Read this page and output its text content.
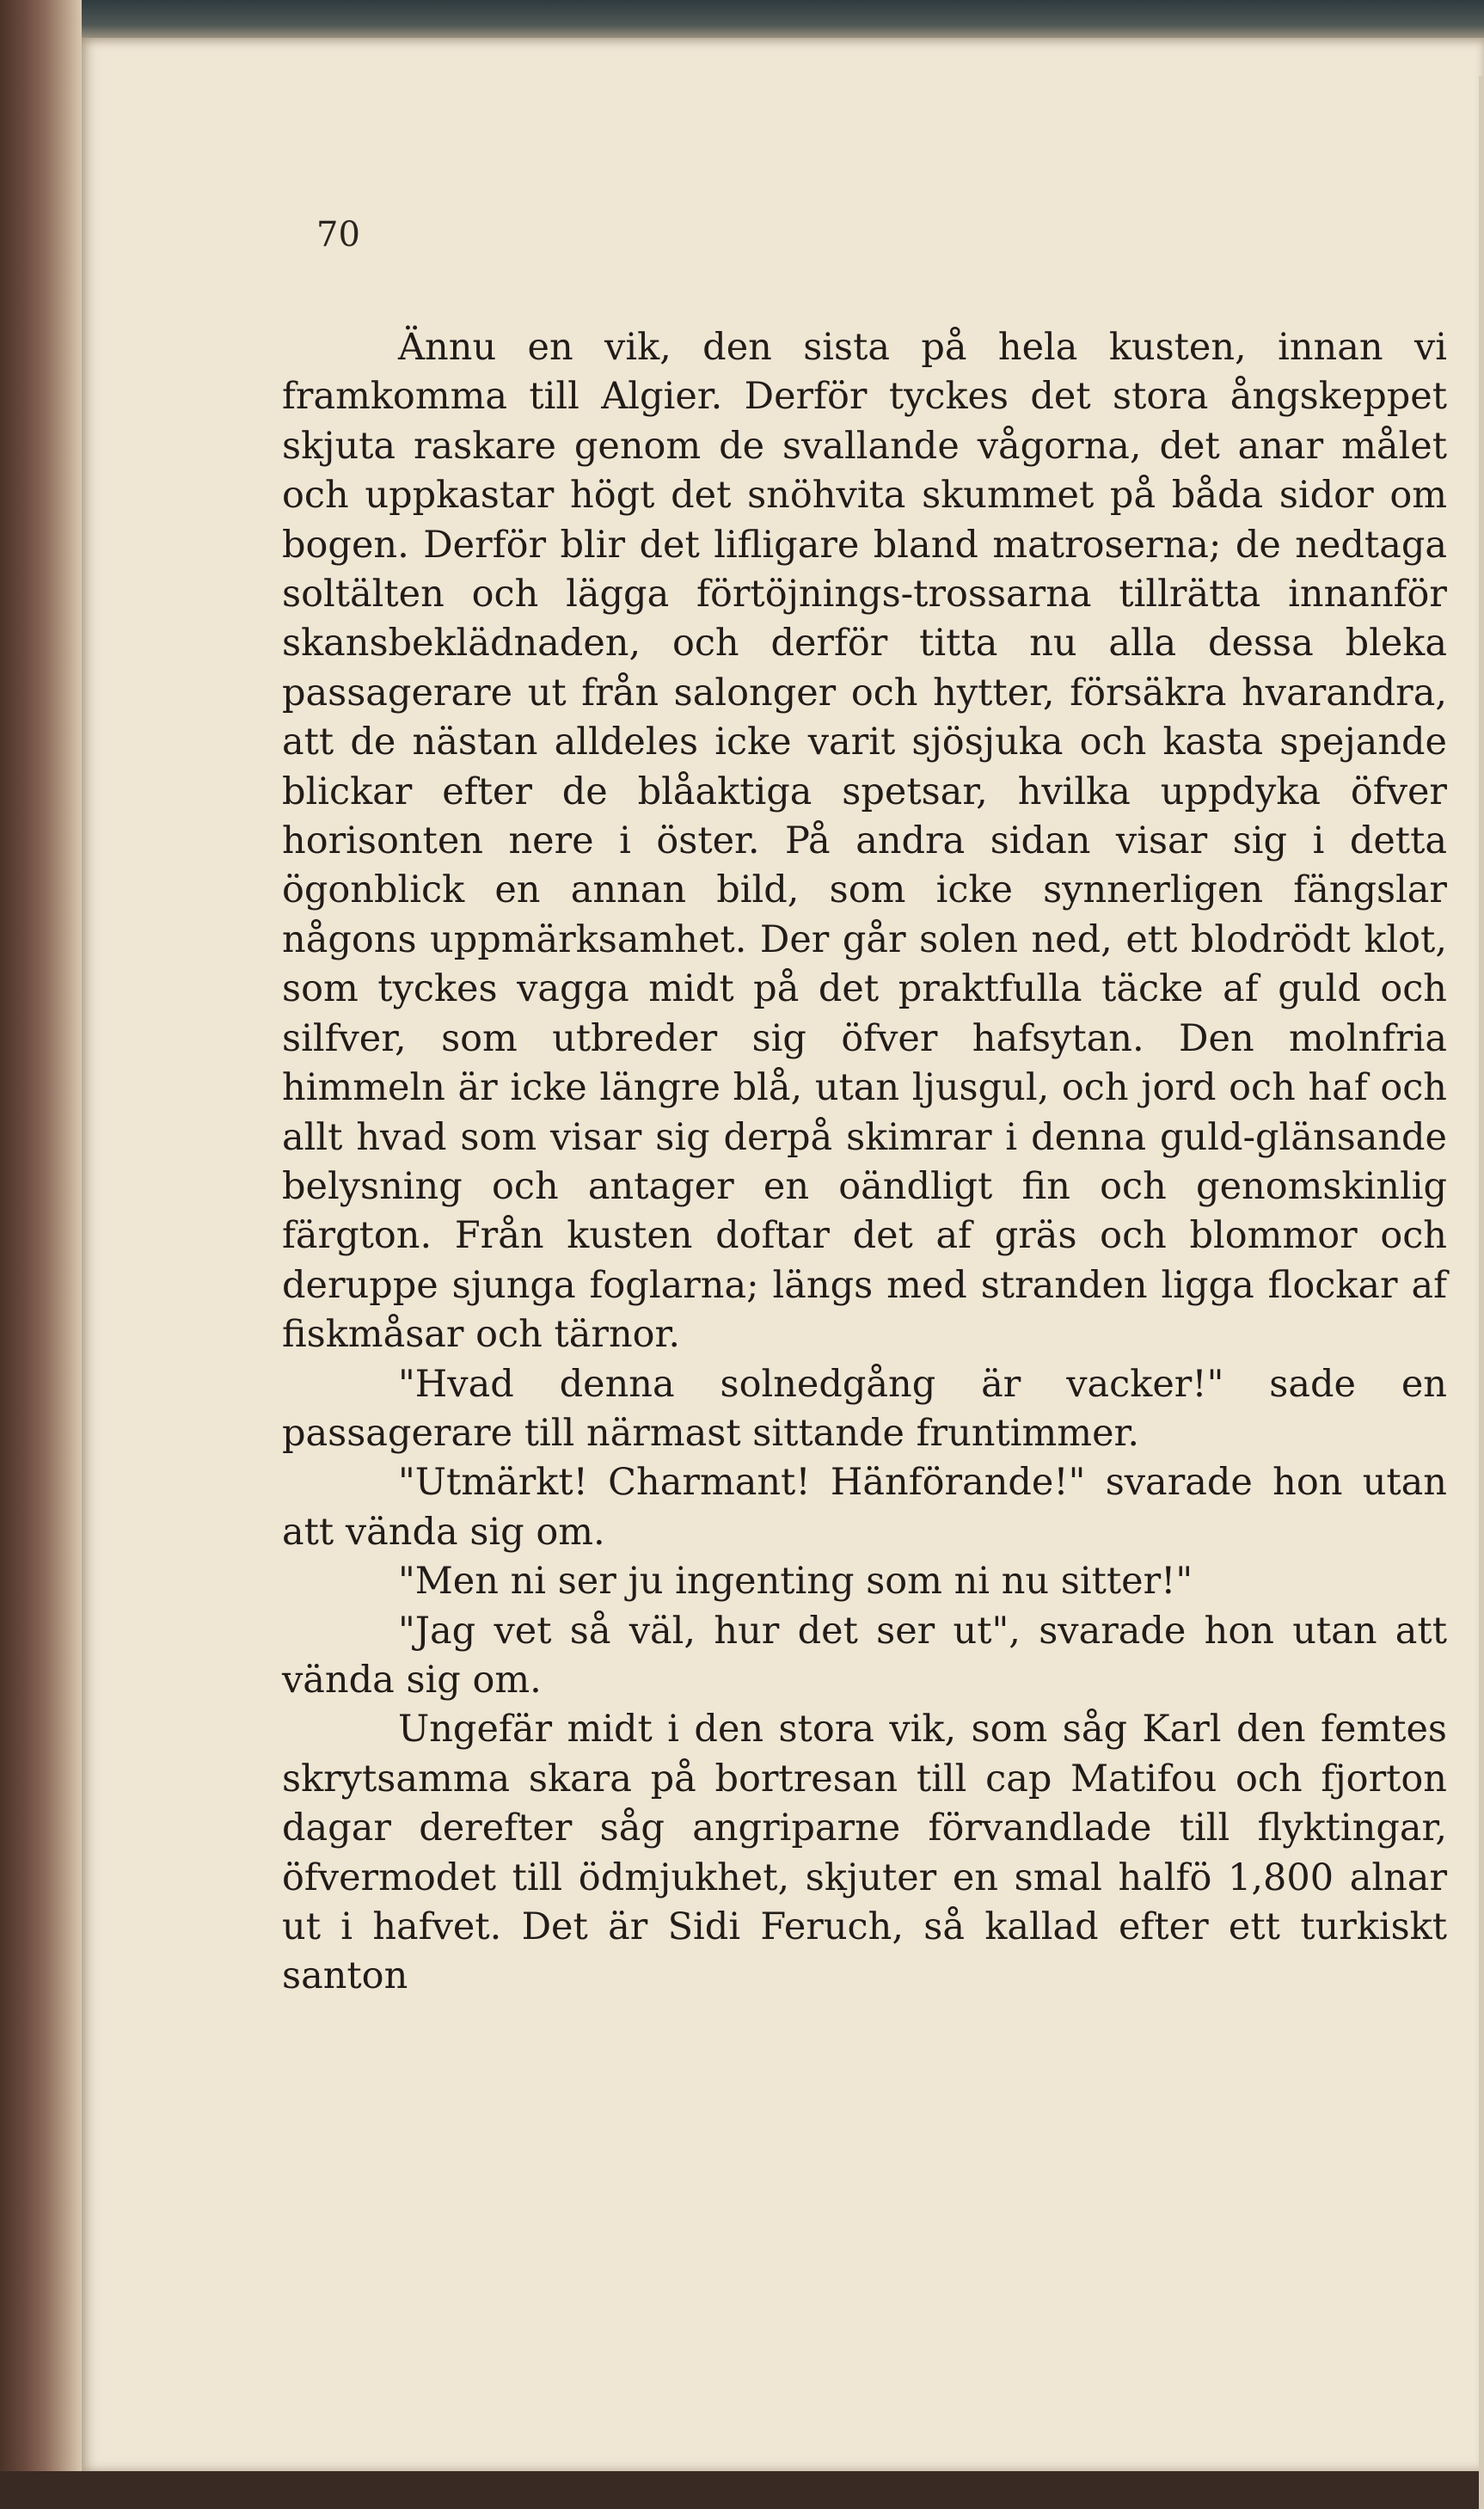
70

Ännu en vik, den sista på hela kusten, innan vi framkomma till Algier. Derför tyckes det stora ångskeppet skjuta raskare genom de svallande vågorna, det anar målet och uppkastar högt det snöhvita skummet på båda sidor om bogen. Derför blir det lifligare bland matroserna; de nedtaga soltälten och lägga förtöjnings-trossarna tillrätta innanför skansbeklädnaden, och derför titta nu alla dessa bleka passagerare ut från salonger och hytter, försäkra hvarandra, att de nästan alldeles icke varit sjösjuka och kasta spejande blickar efter de blåaktiga spetsar, hvilka uppdyka öfver horisonten nere i öster. På andra sidan visar sig i detta ögonblick en annan bild, som icke synnerligen fängslar någons uppmärksamhet. Der går solen ned, ett blodrödt klot, som tyckes vagga midt på det praktfulla täcke af guld och silfver, som utbreder sig öfver hafsytan. Den molnfria himmeln är icke längre blå, utan ljusgul, och jord och haf och allt hvad som visar sig derpå skimrar i denna guld-glänsande belysning och antager en oändligt fin och genomskinlig färgton. Från kusten doftar det af gräs och blommor och deruppe sjunga foglarna; längs med stranden ligga flockar af fiskmåsar och tärnor.

"Hvad denna solnedgång är vacker!" sade en passagerare till närmast sittande fruntimmer.

"Utmärkt! Charmant! Hänförande!" svarade hon utan att vända sig om.

"Men ni ser ju ingenting som ni nu sitter!"

"Jag vet så väl, hur det ser ut", svarade hon utan att vända sig om.

Ungefär midt i den stora vik, som såg Karl den femtes skrytsamma skara på bortresan till cap Matifou och fjorton dagar derefter såg angriparne förvandlade till flyktingar, öfvermodet till ödmjukhet, skjuter en smal halfö 1,800 alnar ut i hafvet. Det är Sidi Feruch, så kallad efter ett turkiskt santon
